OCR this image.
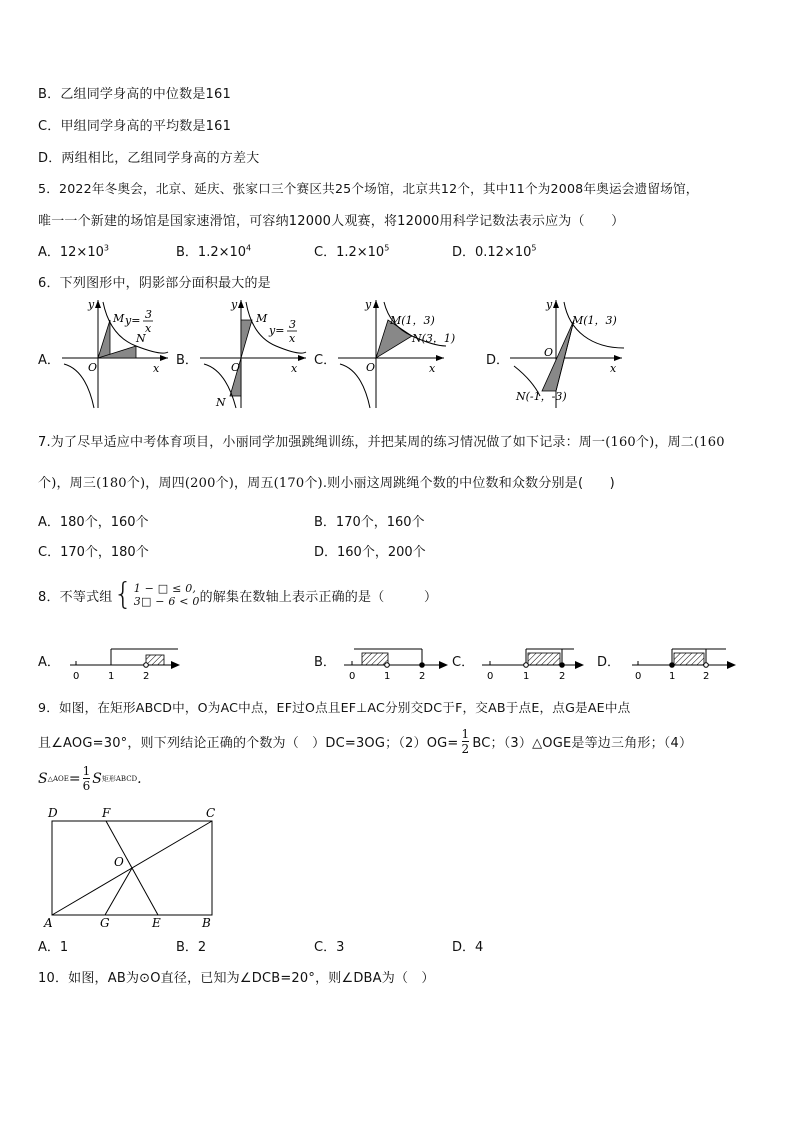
B．乙组同学身高的中位数是161
C．甲组同学身高的平均数是161
D．两组相比，乙组同学身高的方差大
5．2022年冬奥会，北京、延庆、张家口三个赛区共25个场馆，北京共12个，其中11个为2008年奥运会遗留场馆，
唯一一个新建的场馆是国家速滑馆，可容纳12000人观赛，将12000用科学记数法表示应为（　　）
A．$12\times 10^3$	B．$1.2\times 10^4$	C．$1.2\times 10^5$	D．$0.12\times 10^5$
6．下列图形中，阴影部分面积最大的是
A．
y
x
O
M
N
y= 3
x
B．
y
x
O
M
N
y= 3
x
C．
y
x
O
M(1，3)
N(3，1)
D．
y
x
O
M(1，3)
N(-1，-3)
7.为了尽早适应中考体育项目，小丽同学加强跳绳训练，并把某周的练习情况做了如下记录：周一(160个)，周二(160
个)，周三(180个)，周四(200个)，周五(170个).则小丽这周跳绳个数的中位数和众数分别是(　　)
A．180个，160个	B．170个，160个
C．170个，180个	D．160个，200个
8．不等式组 { 1 − □ ≤ 0,
3□ − 6 < 0 的解集在数轴上表示正确的是（　　　）
A．
0	1	2
B．
0	1	2
C．
0	1	2
D．
0	1	2
9．如图，在矩形ABCD中，O为AC中点，EF过O点且EF⊥AC分别交DC于F，交AB于点E，点G是AE中点
且∠AOG=30°，则下列结论正确的个数为（　）DC=3OG；$(2)OG= \frac{1}{2}$ BC；（3）△OGE是等边三角形；（4）
S △AOE = $\frac{1}{6}$ S 矩形ABCD .
D	F	C
O
A	G	E	B
A．1	B．2	C．3	D．4
10．如图，AB为⊙O直径，已知为∠DCB=20°，则∠DBA为（　）
